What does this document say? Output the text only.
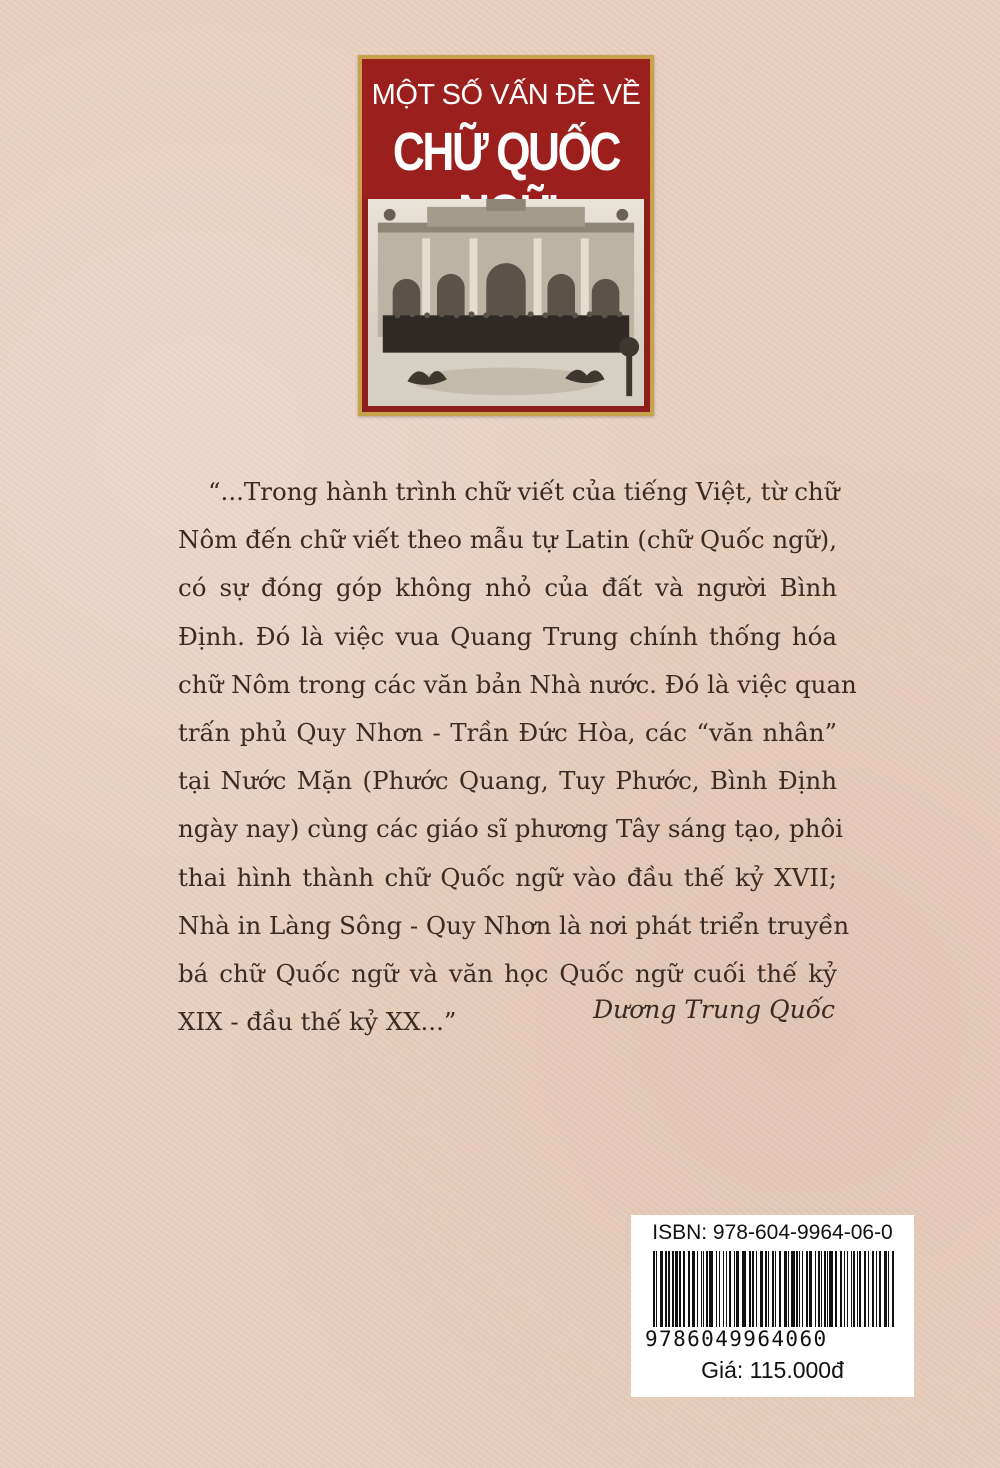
MỘT SỐ VẤN ĐỀ VỀ
CHỮ QUỐC
“...Trong hành trình chữ viết của tiếng Việt, từ chữ
Nôm đến chữ viết theo mẫu tự Latin (chữ Quốc ngữ),
có sự đóng góp không nhỏ của đất và người Bình
Định. Đó là việc vua Quang Trung chính thống hóa
chữ Nôm trong các văn bản Nhà nước. Đó là việc quan
trấn phủ Quy Nhơn - Trần Đức Hòa, các “văn nhân”
tại Nước Mặn (Phước Quang, Tuy Phước, Bình Định
ngày nay) cùng các giáo sĩ phương Tây sáng tạo, phôi
thai hình thành chữ Quốc ngữ vào đầu thế kỷ XVII;
Nhà in Làng Sông - Quy Nhơn là nơi phát triển truyền
bá chữ Quốc ngữ và văn học Quốc ngữ cuối thế kỷ
XIX - đầu thế kỷ XX...”	Dương Trung Quốc
ISBN: 978-604-9964-06-0
9786049964060
Giá: 115.000đ
